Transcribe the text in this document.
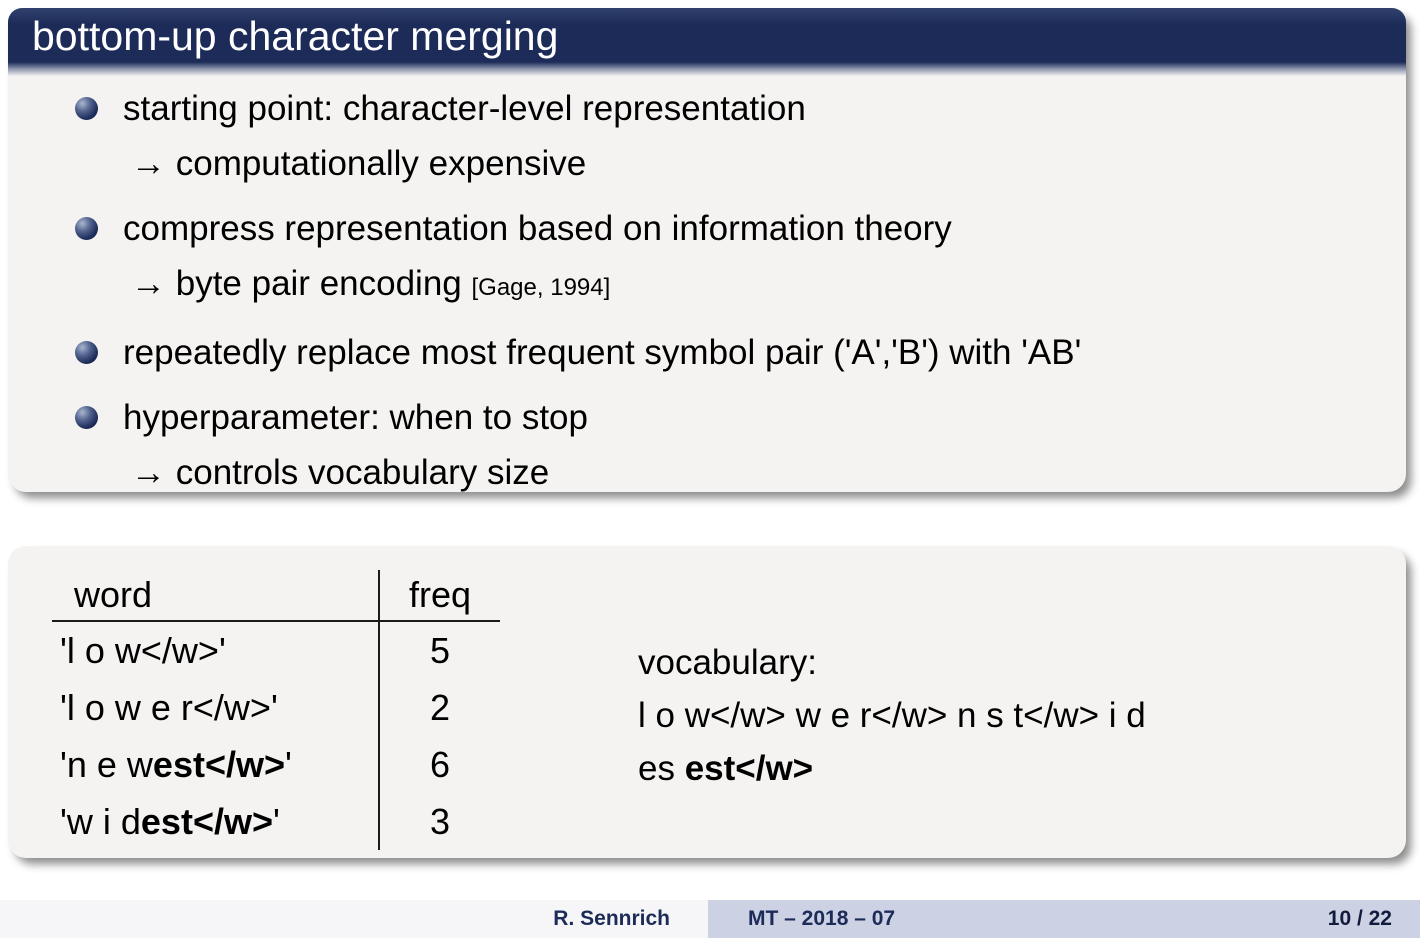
bottom-up character merging
starting point: character-level representation
→ computationally expensive
compress representation based on information theory
→ byte pair encoding [Gage, 1994]
repeatedly replace most frequent symbol pair ('A','B') with 'AB'
hyperparameter: when to stop
→ controls vocabulary size
word	freq
'l o w</w>'	5
'l o w e r</w>'	2
'n e w est</w> '	6
'w i d est</w> '	3
vocabulary:
l o w</w> w e r</w> n s t</w> i d
es est</w>
R. Sennrich	MT – 2018 – 07	10 / 22
